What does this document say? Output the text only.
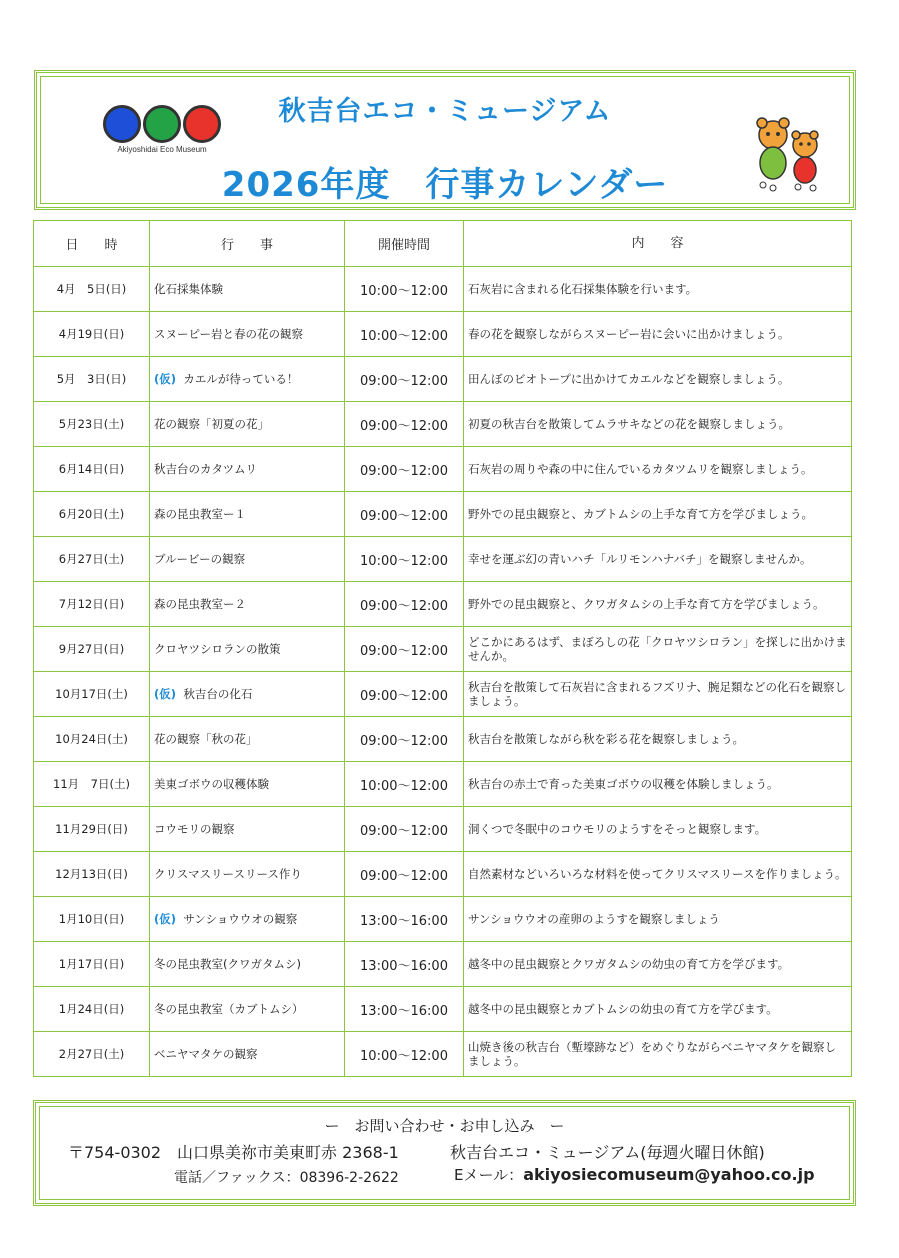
Akiyoshidai Eco Museum
秋吉台エコ・ミュージアム
2026年度　行事カレンダー
日　　時	行　　事	開催時間	内　　容
4月　5日(日)	化石採集体験	10:00～12:00	石灰岩に含まれる化石採集体験を行います。
4月19日(日)	スヌーピー岩と春の花の観察	10:00～12:00	春の花を観察しながらスヌーピー岩に会いに出かけましょう。
5月　3日(日)	(仮) カエルが待っている！	09:00～12:00	田んぼのビオトープに出かけてカエルなどを観察しましょう。
5月23日(土)	花の観察「初夏の花」	09:00～12:00	初夏の秋吉台を散策してムラサキなどの花を観察しましょう。
6月14日(日)	秋吉台のカタツムリ	09:00～12:00	石灰岩の周りや森の中に住んでいるカタツムリを観察しましょう。
6月20日(土)	森の昆虫教室ー１	09:00～12:00	野外での昆虫観察と、カブトムシの上手な育て方を学びましょう。
6月27日(土)	ブルービーの観察	10:00～12:00	幸せを運ぶ幻の青いハチ「ルリモンハナバチ」を観察しませんか。
7月12日(日)	森の昆虫教室ー２	09:00～12:00	野外での昆虫観察と、クワガタムシの上手な育て方を学びましょう。
9月27日(日)	クロヤツシロランの散策	09:00～12:00	どこかにあるはず、まぼろしの花「クロヤツシロラン」を探しに出かけませんか。
10月17日(土)	(仮) 秋吉台の化石	09:00～12:00	秋吉台を散策して石灰岩に含まれるフズリナ、腕足類などの化石を観察しましょう。
10月24日(土)	花の観察「秋の花」	09:00～12:00	秋吉台を散策しながら秋を彩る花を観察しましょう。
11月　7日(土)	美東ゴボウの収穫体験	10:00～12:00	秋吉台の赤土で育った美東ゴボウの収穫を体験しましょう。
11月29日(日)	コウモリの観察	09:00～12:00	洞くつで冬眠中のコウモリのようすをそっと観察します。
12月13日(日)	クリスマスリースリース作り	09:00～12:00	自然素材などいろいろな材料を使ってクリスマスリースを作りましょう。
1月10日(日)	(仮) サンショウウオの観察	13:00～16:00	サンショウウオの産卵のようすを観察しましょう
1月17日(日)	冬の昆虫教室(クワガタムシ)	13:00～16:00	越冬中の昆虫観察とクワガタムシの幼虫の育て方を学びます。
1月24日(日)	冬の昆虫教室（カブトムシ）	13:00～16:00	越冬中の昆虫観察とカブトムシの幼虫の育て方を学びます。
2月27日(土)	ベニヤマタケの観察	10:00～12:00	山焼き後の秋吉台（塹壕跡など）をめぐりながらベニヤマタケを観察しましょう。
ー　お問い合わせ・お申し込み　ー
〒754-0302　山口県美祢市美東町赤 2368-1	秋吉台エコ・ミュージアム(毎週火曜日休館)
電話／ファックス：08396-2-2622	Eメール：akiyosiecomuseum@yahoo.co.jp
